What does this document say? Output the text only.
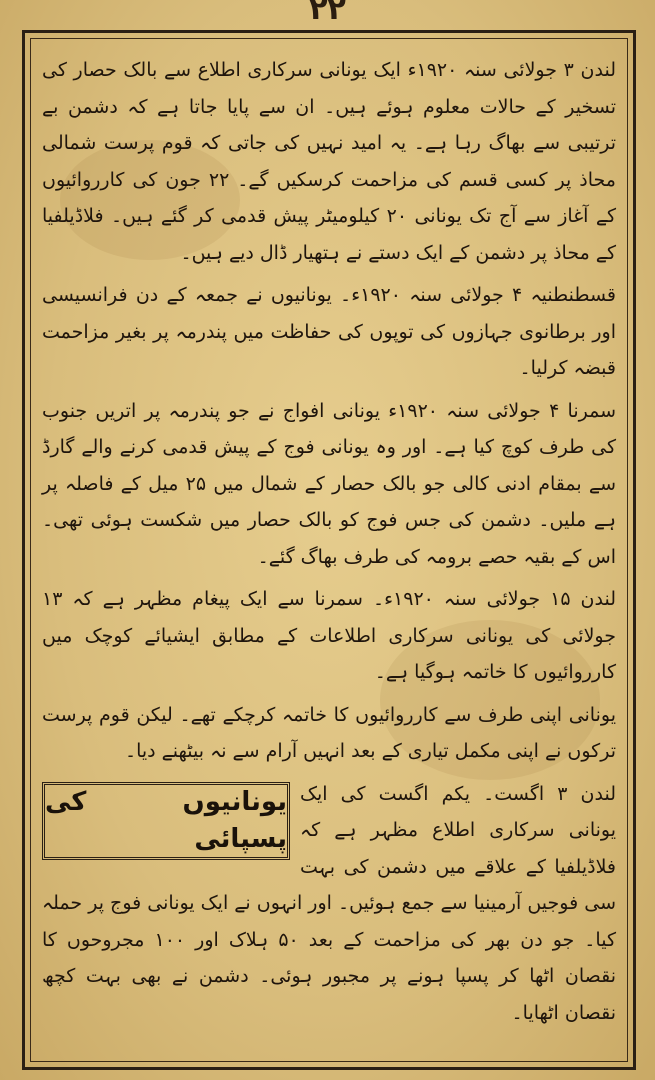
۲۲

لندن ۳ جولائی سنہ ۱۹۲۰ء ایک یونانی سرکاری اطلاع سے بالک حصار کی تسخیر کے حالات معلوم ہوئے ہیں۔ ان سے پایا جاتا ہے کہ دشمن بے ترتیبی سے بھاگ رہا ہے۔ یہ امید نہیں کی جاتی کہ قوم پرست شمالی محاذ پر کسی قسم کی مزاحمت کرسکیں گے۔ ۲۲ جون کی کارروائیوں کے آغاز سے آج تک یونانی ۲۰ کیلومیٹر پیش قدمی کر گئے ہیں۔ فلاڈیلفیا کے محاذ پر دشمن کے ایک دستے نے ہتھیار ڈال دیے ہیں۔

قسطنطنیہ ۴ جولائی سنہ ۱۹۲۰ء۔ یونانیوں نے جمعہ کے دن فرانسیسی اور برطانوی جہازوں کی توپوں کی حفاظت میں پندرمہ پر بغیر مزاحمت قبضہ کرلیا۔

سمرنا ۴ جولائی سنہ ۱۹۲۰ء یونانی افواج نے جو پندرمہ پر اتریں جنوب کی طرف کوچ کیا ہے۔ اور وہ یونانی فوج کے پیش قدمی کرنے والے گارڈ سے بمقام ادنی کالی جو بالک حصار کے شمال میں ۲۵ میل کے فاصلہ پر ہے ملیں۔ دشمن کی جس فوج کو بالک حصار میں شکست ہوئی تھی۔ اس کے بقیہ حصے برومہ کی طرف بھاگ گئے۔

لندن ۱۵ جولائی سنہ ۱۹۲۰ء۔ سمرنا سے ایک پیغام مظہر ہے کہ ۱۳ جولائی کی یونانی سرکاری اطلاعات کے مطابق ایشیائے کوچک میں کارروائیوں کا خاتمہ ہوگیا ہے۔

یونانی اپنی طرف سے کارروائیوں کا خاتمہ کرچکے تھے۔ لیکن قوم پرست ترکوں نے اپنی مکمل تیاری کے بعد انہیں آرام سے نہ بیٹھنے دیا۔

یونانیوں کی پسپائی

لندن ۳ اگست۔ یکم اگست کی ایک یونانی سرکاری اطلاع مظہر ہے کہ فلاڈیلفیا کے علاقے میں دشمن کی بہت سی فوجیں آرمینیا سے جمع ہوئیں۔ اور انہوں نے ایک یونانی فوج پر حملہ کیا۔ جو دن بھر کی مزاحمت کے بعد ۵۰ ہلاک اور ۱۰۰ مجروحوں کا نقصان اٹھا کر پسپا ہونے پر مجبور ہوئی۔ دشمن نے بھی بہت کچھ نقصان اٹھایا۔
